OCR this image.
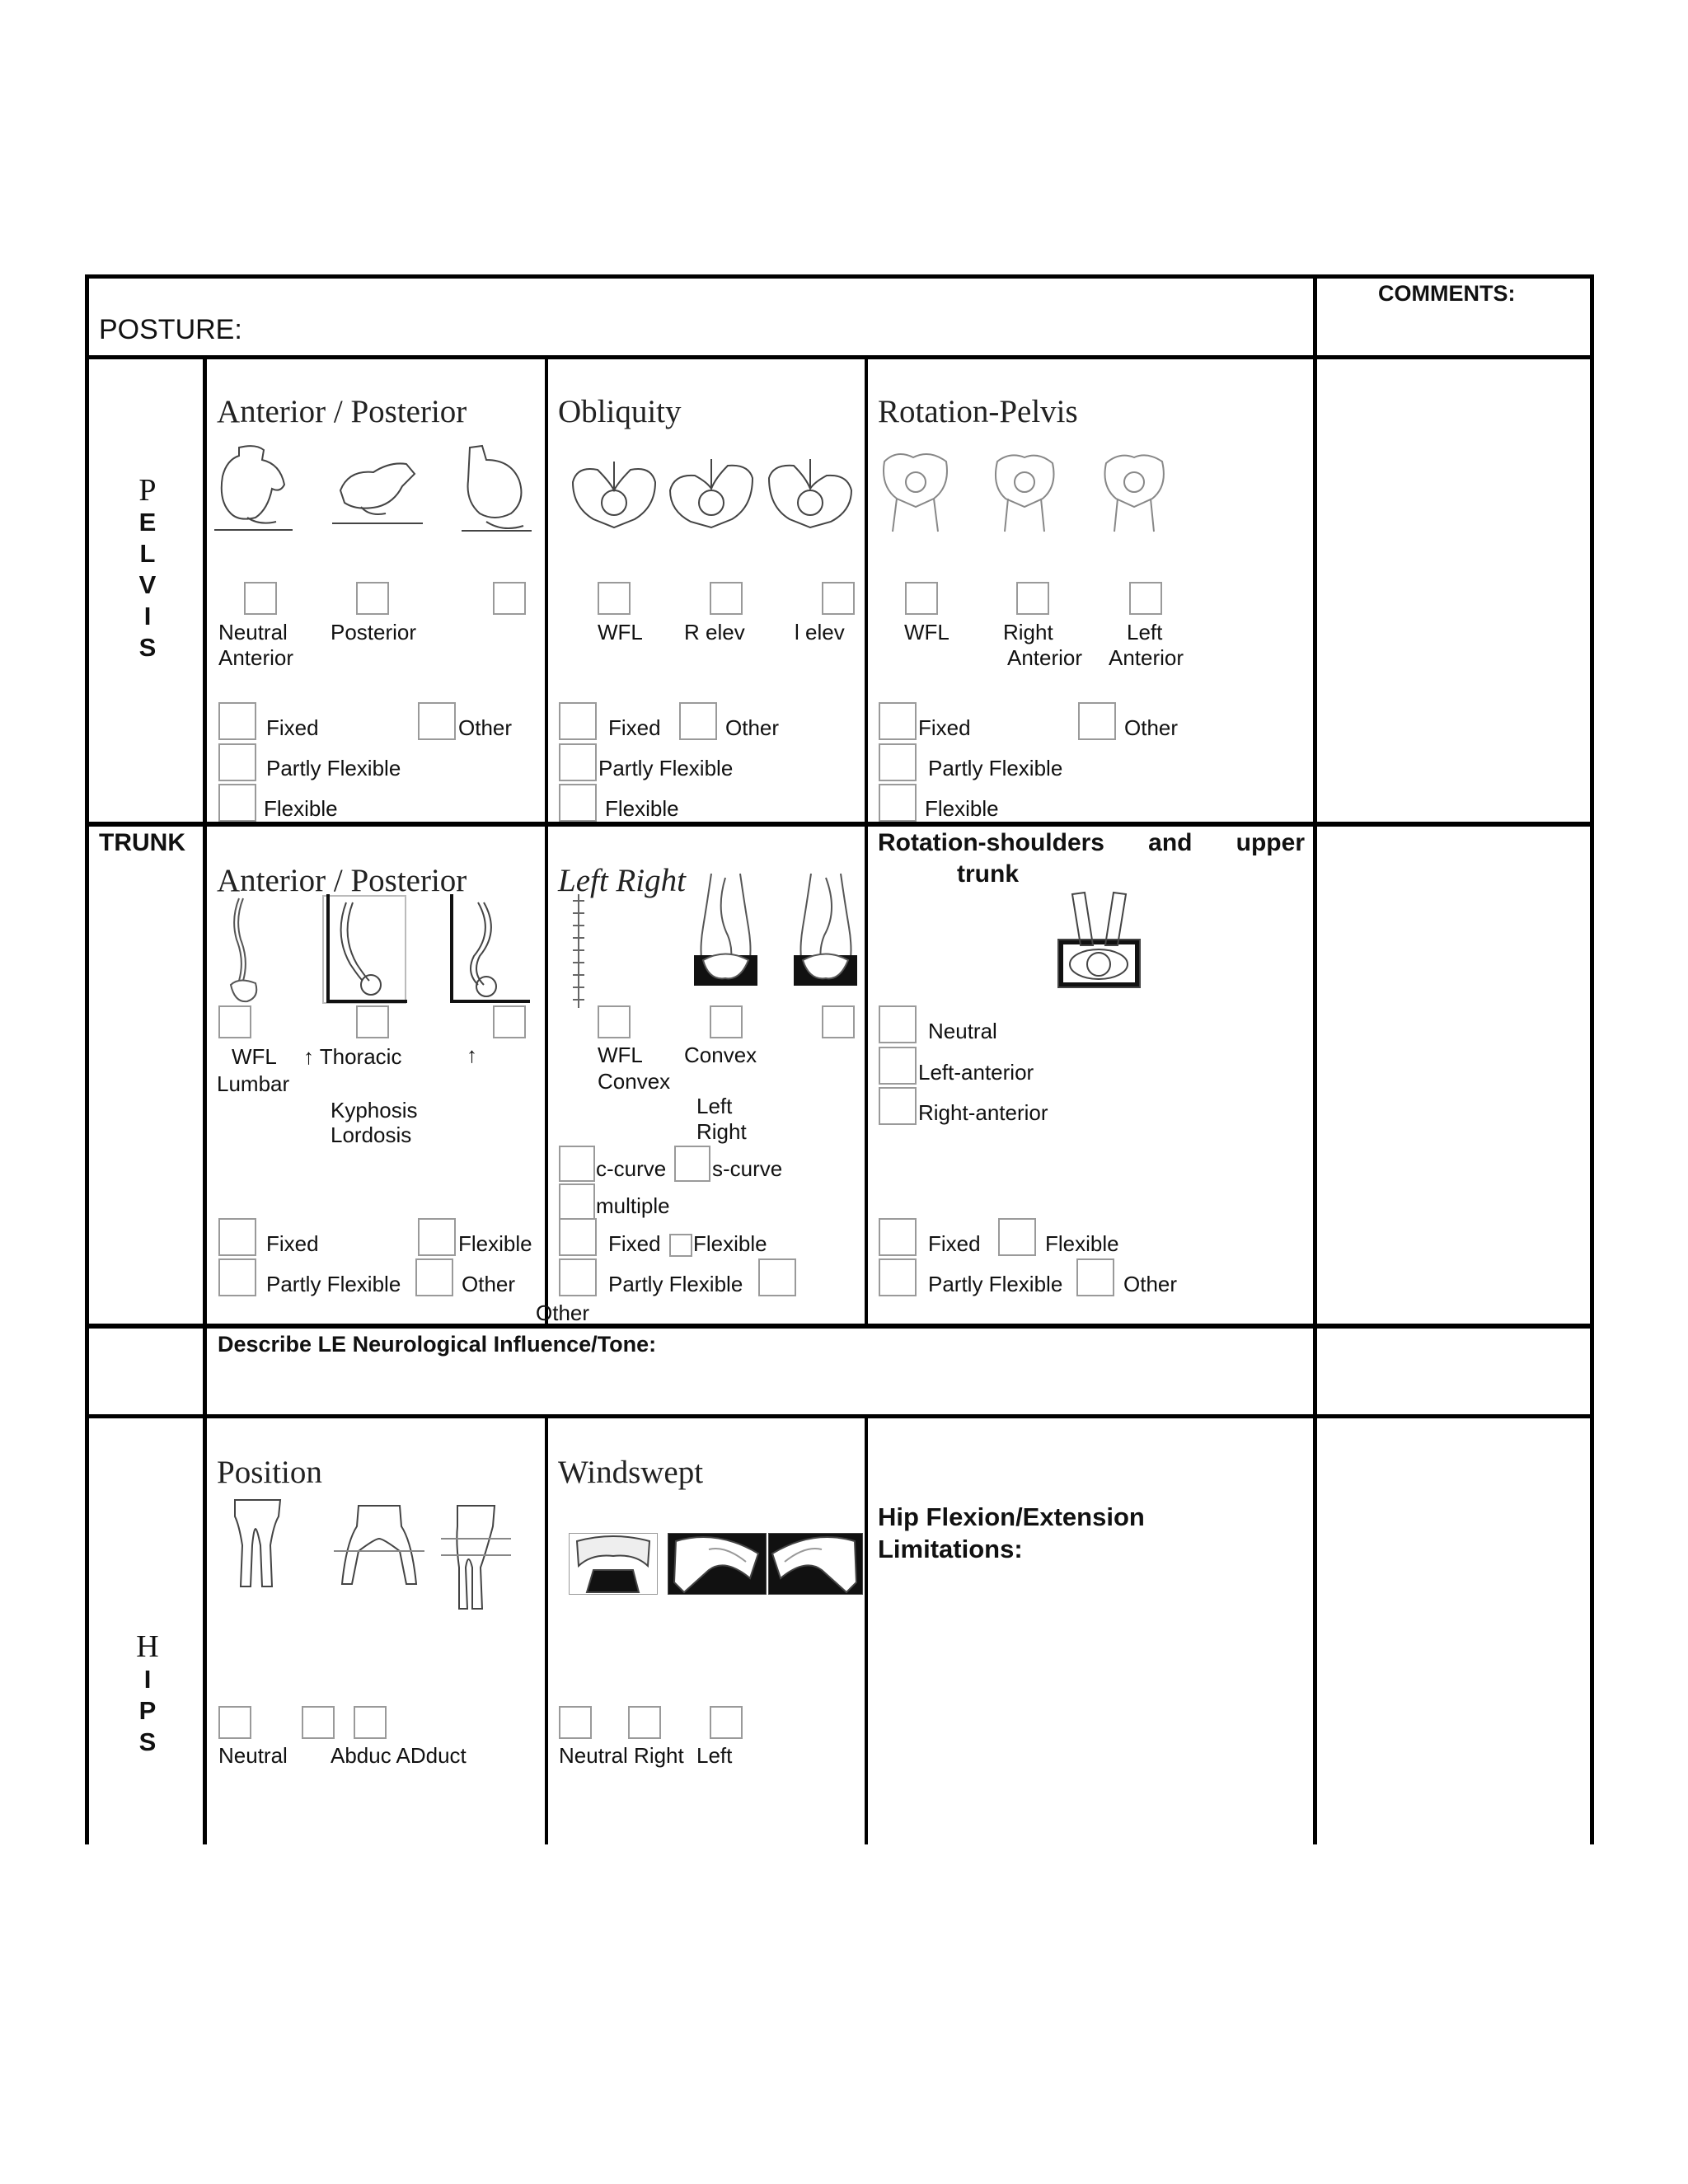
POSTURE:
COMMENTS:
P
E
L
V
I
S
Anterior / Posterior
Neutral
Anterior
Posterior
Fixed	Other
Partly Flexible
Flexible
Obliquity
WFL R elev l elev
Fixed	Other
Partly Flexible
Flexible
Rotation-Pelvis
WFL	Right
Anterior
Left
Anterior
Fixed	Other
Partly Flexible
Flexible
TRUNK
Anterior / Posterior
WFL
Lumbar
↑ Thoracic	↑
Kyphosis
Lordosis
Fixed	Flexible
Partly Flexible	Other
Left Right
WFL Convex
Convex
Left
Right
c-curve s-curve
multiple
Fixed Flexible
Partly Flexible
Other
Rotation-shoulders and upper
trunk
Neutral
Left-anterior
Right-anterior
Fixed	Flexible
Partly Flexible	Other
Describe LE Neurological Influence/Tone:
H
I
P
S
Position
Neutral Abduc ADduct
Windswept
Neutral Right Left
Hip Flexion/Extension
Limitations:
